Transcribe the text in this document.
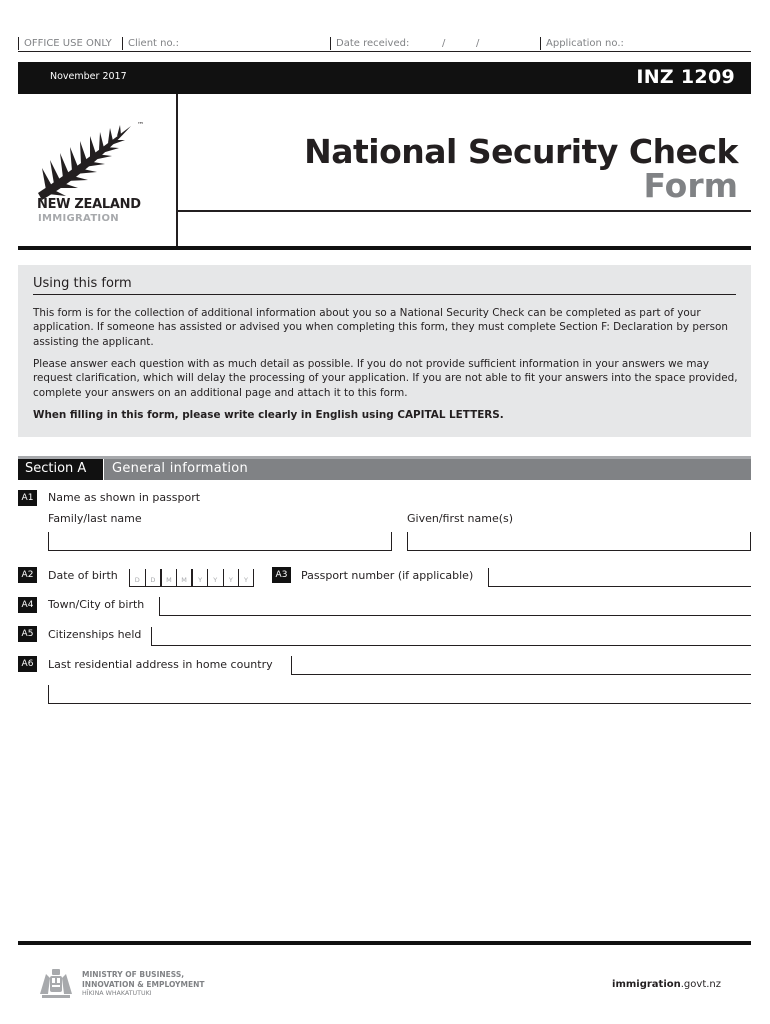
OFFICE USE ONLY	Client no.:	Date received:	/	/	Application no.:
November 2017	INZ 1209
™
NEW ZEALAND
IMMIGRATION
National Security Check
Form
Using this form
This form is for the collection of additional information about you so a National Security Check can be completed as part of your application. If someone has assisted or advised you when completing this form, they must complete Section F: Declaration by person assisting the applicant.
Please answer each question with as much detail as possible. If you do not provide sufficient information in your answers we may request clarification, which will delay the processing of your application. If you are not able to fit your answers into the space provided, complete your answers on an additional page and attach it to this form.
When filling in this form, please write clearly in English using CAPITAL LETTERS.
Section A	General information
A1	Name as shown in passport
Family/last name	Given/first name(s)
A2	Date of birth	D	D	M	M	Y	Y	Y	Y	A3	Passport number (if applicable)
A4	Town/City of birth
A5	Citizenships held
A6	Last residential address in home country
MINISTRY OF BUSINESS,
INNOVATION & EMPLOYMENT
HĪKINA WHAKATUTUKI
immigration.govt.nz
